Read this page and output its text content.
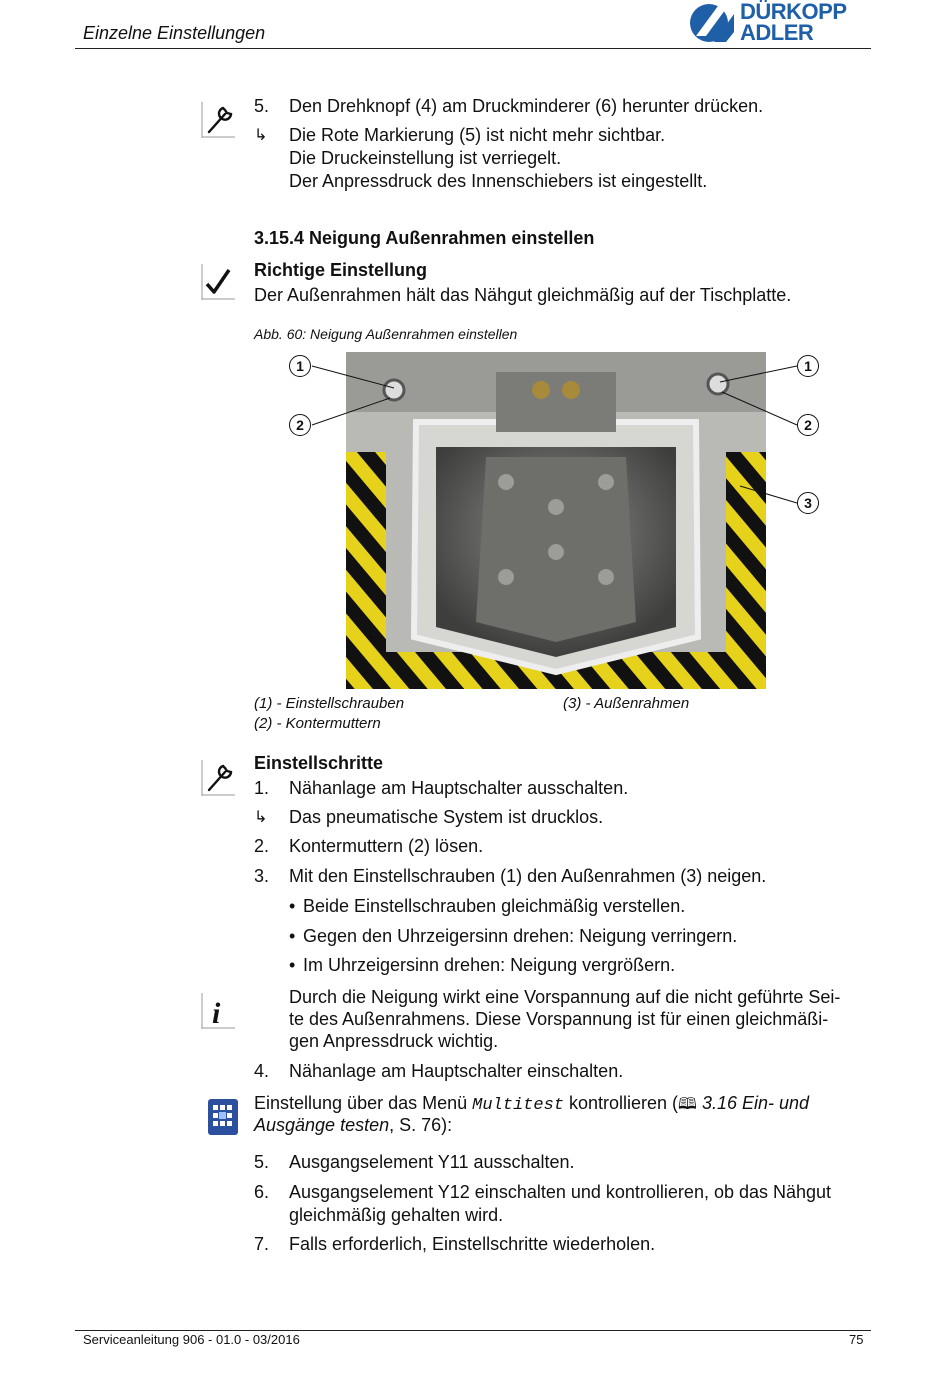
Einzelne Einstellungen
DÜRKOPP
ADLER
5. Den Drehknopf (4) am Druckminderer (6) herunter drücken.
↳ Die Rote Markierung (5) ist nicht mehr sichtbar.
Die Druckeinstellung ist verriegelt.
Der Anpressdruck des Innenschiebers ist eingestellt.
3.15.4 Neigung Außenrahmen einstellen
Richtige Einstellung
Der Außenrahmen hält das Nähgut gleichmäßig auf der Tischplatte.
Abb. 60: Neigung Außenrahmen einstellen
1
2
1
2
3
(1) - Einstellschrauben
(2) - Kontermuttern
(3) - Außenrahmen
Einstellschritte
1. Nähanlage am Hauptschalter ausschalten.
↳ Das pneumatische System ist drucklos.
2. Kontermuttern (2) lösen.
3. Mit den Einstellschrauben (1) den Außenrahmen (3) neigen.
• Beide Einstellschrauben gleichmäßig verstellen.
• Gegen den Uhrzeigersinn drehen: Neigung verringern.
• Im Uhrzeigersinn drehen: Neigung vergrößern.
i	Durch die Neigung wirkt eine Vorspannung auf die nicht geführte Sei-
te des Außenrahmens. Diese Vorspannung ist für einen gleichmäßi-
gen Anpressdruck wichtig.
4. Nähanlage am Hauptschalter einschalten.
Einstellung über das Menü Multitest kontrollieren (🕮 3.16 Ein- und
Ausgänge testen, S. 76):
5. Ausgangselement Y11 ausschalten.
6. Ausgangselement Y12 einschalten und kontrollieren, ob das Nähgut
gleichmäßig gehalten wird.
7. Falls erforderlich, Einstellschritte wiederholen.
Serviceanleitung 906 - 01.0 - 03/2016	75
